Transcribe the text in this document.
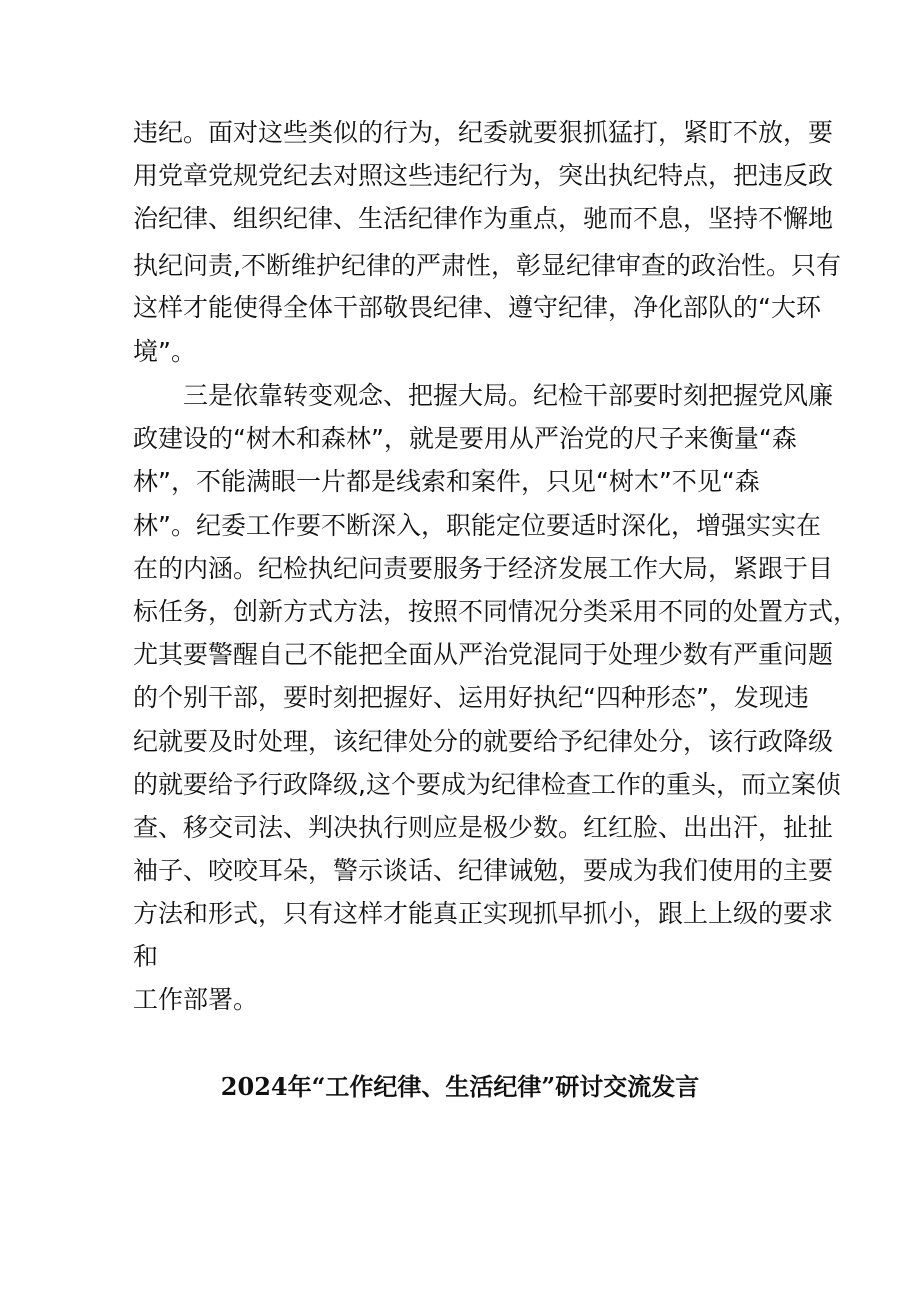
违纪。面对这些类似的行为，纪委就要狠抓猛打，紧盯不放，要

用党章党规党纪去对照这些违纪行为，突出执纪特点，把违反政

治纪律、组织纪律、生活纪律作为重点，驰而不息，坚持不懈地

执纪问责,不断维护纪律的严肃性，彰显纪律审查的政治性。只有

这样才能使得全体干部敬畏纪律、遵守纪律，净化部队的“大环

境”。

三是依靠转变观念、把握大局。纪检干部要时刻把握党风廉

政建设的“树木和森林”，就是要用从严治党的尺子来衡量“森

林”，不能满眼一片都是线索和案件，只见“树木”不见“森

林”。纪委工作要不断深入，职能定位要适时深化，增强实实在

在的内涵。纪检执纪问责要服务于经济发展工作大局，紧跟于目

标任务，创新方式方法，按照不同情况分类采用不同的处置方式，

尤其要警醒自己不能把全面从严治党混同于处理少数有严重问题

的个别干部，要时刻把握好、运用好执纪“四种形态”，发现违

纪就要及时处理，该纪律处分的就要给予纪律处分，该行政降级

的就要给予行政降级,这个要成为纪律检查工作的重头，而立案侦

查、移交司法、判决执行则应是极少数。红红脸、出出汗，扯扯

袖子、咬咬耳朵，警示谈话、纪律诫勉，要成为我们使用的主要

方法和形式，只有这样才能真正实现抓早抓小，跟上上级的要求

和

工作部署。

2024年“工作纪律、生活纪律”研讨交流发言
